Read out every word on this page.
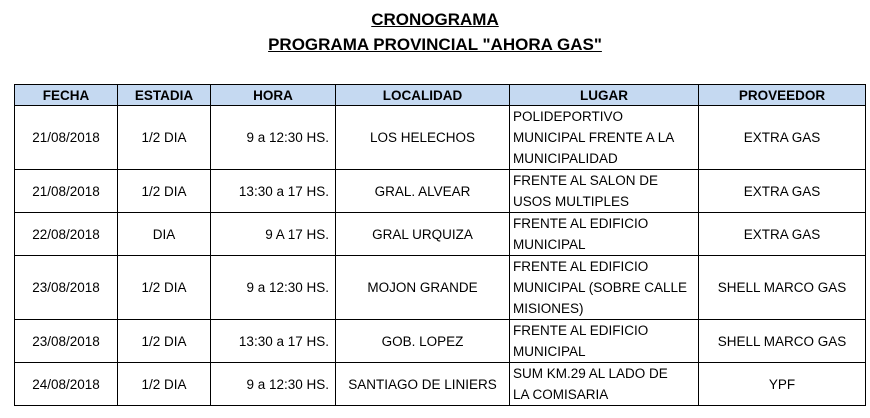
CRONOGRAMA
PROGRAMA PROVINCIAL "AHORA GAS"
FECHA	ESTADIA	HORA	LOCALIDAD	LUGAR	PROVEEDOR
21/08/2018	1/2 DIA	9 a 12:30 HS.	LOS HELECHOS	POLIDEPORTIVO
MUNICIPAL FRENTE A LA
MUNICIPALIDAD	EXTRA GAS
21/08/2018	1/2 DIA	13:30 a 17 HS.	GRAL. ALVEAR	FRENTE AL SALON DE
USOS MULTIPLES	EXTRA GAS
22/08/2018	DIA	9 A 17 HS.	GRAL URQUIZA	FRENTE AL EDIFICIO
MUNICIPAL	EXTRA GAS
23/08/2018	1/2 DIA	9 a 12:30 HS.	MOJON GRANDE	FRENTE AL EDIFICIO
MUNICIPAL (SOBRE CALLE
MISIONES)	SHELL MARCO GAS
23/08/2018	1/2 DIA	13:30 a 17 HS.	GOB. LOPEZ	FRENTE AL EDIFICIO
MUNICIPAL	SHELL MARCO GAS
24/08/2018	1/2 DIA	9 a 12:30 HS.	SANTIAGO DE LINIERS	SUM KM.29 AL LADO DE
LA COMISARIA	YPF
